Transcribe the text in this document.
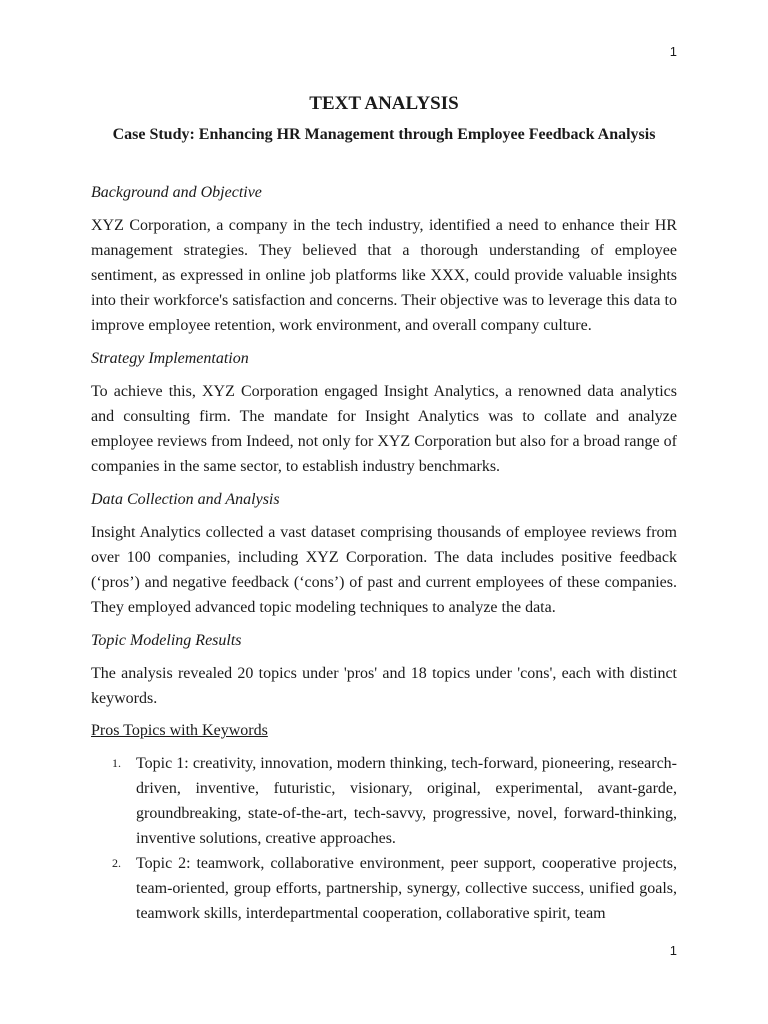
1
TEXT ANALYSIS

Case Study: Enhancing HR Management through Employee Feedback Analysis

Background and Objective

XYZ Corporation, a company in the tech industry, identified a need to enhance their HR management strategies. They believed that a thorough understanding of employee sentiment, as expressed in online job platforms like XXX, could provide valuable insights into their workforce's satisfaction and concerns. Their objective was to leverage this data to improve employee retention, work environment, and overall company culture.

Strategy Implementation

To achieve this, XYZ Corporation engaged Insight Analytics, a renowned data analytics and consulting firm. The mandate for Insight Analytics was to collate and analyze employee reviews from Indeed, not only for XYZ Corporation but also for a broad range of companies in the same sector, to establish industry benchmarks.

Data Collection and Analysis

Insight Analytics collected a vast dataset comprising thousands of employee reviews from over 100 companies, including XYZ Corporation. The data includes positive feedback (‘pros’) and negative feedback (‘cons’) of past and current employees of these companies. They employed advanced topic modeling techniques to analyze the data.

Topic Modeling Results

The analysis revealed 20 topics under 'pros' and 18 topics under 'cons', each with distinct keywords.

Pros Topics with Keywords

1. Topic 1: creativity, innovation, modern thinking, tech-forward, pioneering, research-driven, inventive, futuristic, visionary, original, experimental, avant-garde, groundbreaking, state-of-the-art, tech-savvy, progressive, novel, forward-thinking, inventive solutions, creative approaches.
2. Topic 2: teamwork, collaborative environment, peer support, cooperative projects, team-oriented, group efforts, partnership, synergy, collective success, unified goals, teamwork skills, interdepartmental cooperation, collaborative spirit, team
1
